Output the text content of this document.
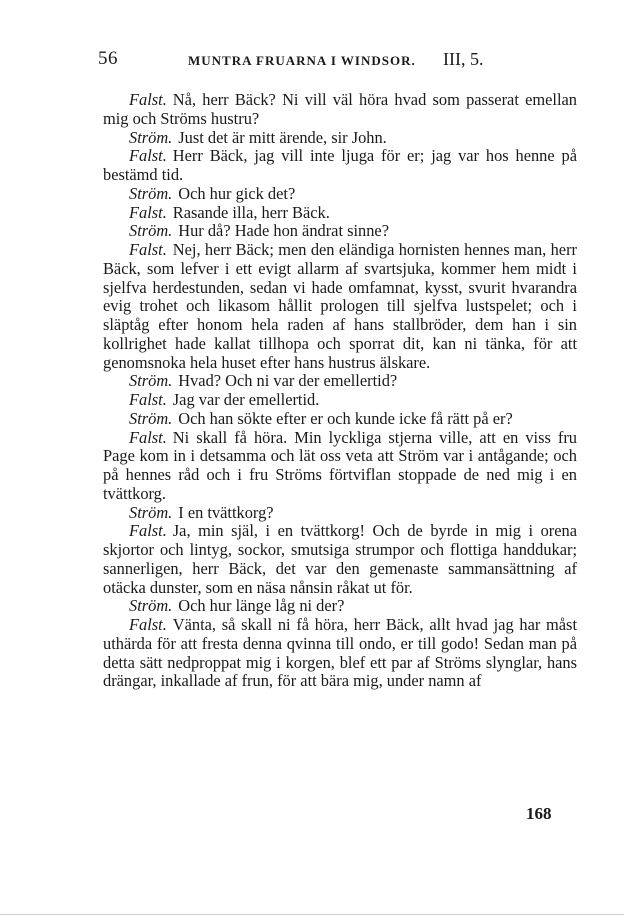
56	MUNTRA FRUARNA I WINDSOR. III, 5.

Falst. Nå, herr Bäck? Ni vill väl höra hvad som passerat emellan mig och Ströms hustru?

Ström. Just det är mitt ärende, sir John.

Falst. Herr Bäck, jag vill inte ljuga för er; jag var hos henne på bestämd tid.

Ström. Och hur gick det?

Falst. Rasande illa, herr Bäck.

Ström. Hur då? Hade hon ändrat sinne?

Falst. Nej, herr Bäck; men den eländiga hornisten hennes man, herr Bäck, som lefver i ett evigt allarm af svartsjuka, kommer hem midt i sjelfva herdestunden, sedan vi hade omfamnat, kysst, svurit hvarandra evig trohet och likasom hållit prologen till sjelfva lustspelet; och i släptåg efter honom hela raden af hans stallbröder, dem han i sin kollrighet hade kallat tillhopa och sporrat dit, kan ni tänka, för att genomsnoka hela huset efter hans hustrus älskare.

Ström. Hvad? Och ni var der emellertid?

Falst. Jag var der emellertid.

Ström. Och han sökte efter er och kunde icke få rätt på er?

Falst. Ni skall få höra. Min lyckliga stjerna ville, att en viss fru Page kom in i detsamma och lät oss veta att Ström var i antågande; och på hennes råd och i fru Ströms förtviflan stoppade de ned mig i en tvättkorg.

Ström. I en tvättkorg?

Falst. Ja, min själ, i en tvättkorg! Och de byrde in mig i orena skjortor och lintyg, sockor, smutsiga strumpor och flottiga handdukar; sannerligen, herr Bäck, det var den gemenaste sammansättning af otäcka dunster, som en näsa nånsin råkat ut för.

Ström. Och hur länge låg ni der?

Falst. Vänta, så skall ni få höra, herr Bäck, allt hvad jag har måst uthärda för att fresta denna qvinna till ondo, er till godo! Sedan man på detta sätt nedproppat mig i korgen, blef ett par af Ströms slynglar, hans drängar, inkallade af frun, för att bära mig, under namn af

168
